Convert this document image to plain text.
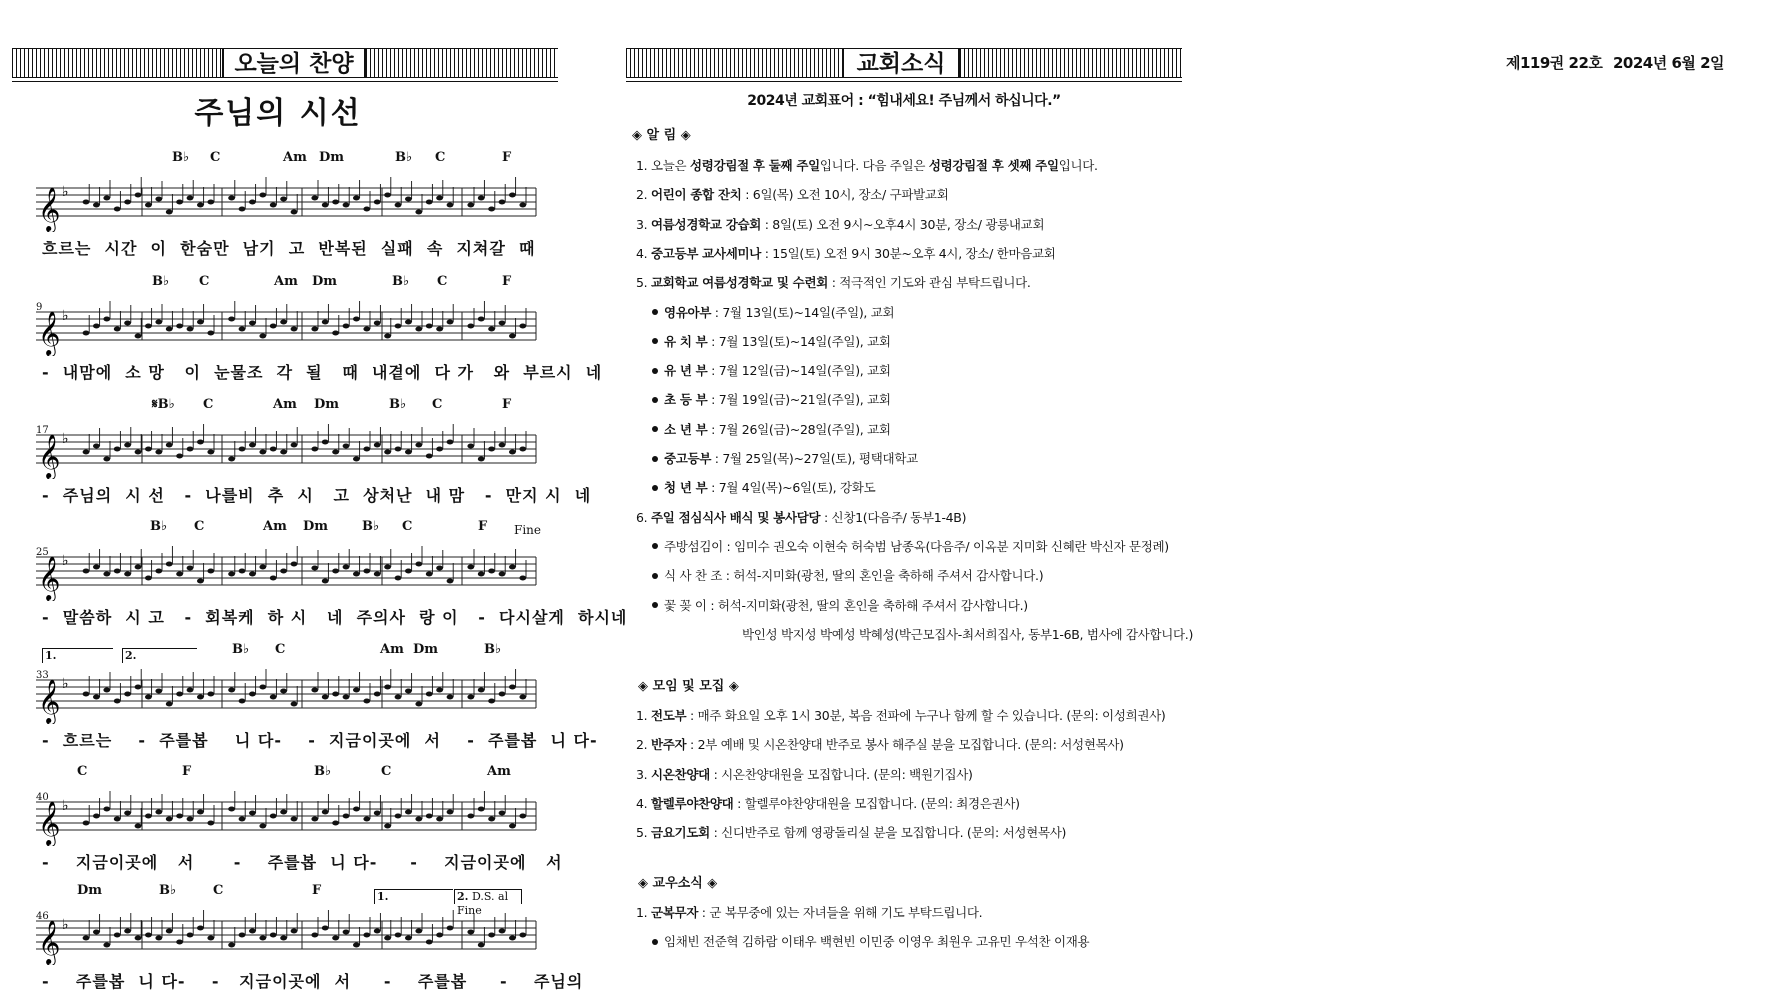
오늘의 찬양
주님의 시선
𝄞 ♭
B♭ C	Am Dm	B♭ C	F
흐르는  시간  이  한숨만  남기  고  반복된  실패  속  지쳐갈  때
𝄞 ♭
9
B♭ C	Am Dm	B♭ C	F
-  내맘에  소 망   이  눈물조  각  될   때  내곁에  다 가   와  부르시  네
𝄞 ♭
17
𝄋B♭ C	Am Dm	B♭ C	F
-  주님의  시 선   -  나를비  추  시   고  상처난  내 맘   -  만지 시  네
𝄞 ♭
25
B♭ C	Am Dm	B♭ C	F Fine
-  말씀하  시 고   -  회복케  하 시   네  주의사  랑 이   -  다시살게  하시네
𝄞 ♭
33
B♭ C	Am Dm	B♭
1.	2.
-  흐르는    -  주를봅    니 다-    -  지금이곳에  서    -  주를봅  니 다-
𝄞 ♭
40
C	F	B♭	C	Am
-    지금이곳에   서      -    주를봅  니 다-     -    지금이곳에   서
𝄞 ♭
46
Dm	B♭	C	F	1.	2. D.S. al Fine
-    주를봅  니 다-    -   지금이곳에  서     -    주를봅     -    주님의
교회소식
2024년 교회표어 : “힘내세요! 주님께서 하십니다.”
◈ 알 림 ◈
1. 오늘은 성령강림절 후 둘째 주일입니다. 다음 주일은 성령강림절 후 셋째 주일입니다.
2. 어린이 종합 잔치 : 6일(목) 오전 10시, 장소/ 구파발교회
3. 여름성경학교 강습회 : 8일(토) 오전 9시~오후4시 30분, 장소/ 광릉내교회
4. 중고등부 교사세미나 : 15일(토) 오전 9시 30분~오후 4시, 장소/ 한마음교회
5. 교회학교 여름성경학교 및 수련회 : 적극적인 기도와 관심 부탁드립니다.
영유아부 : 7월 13일(토)~14일(주일), 교회
유 치 부 : 7월 13일(토)~14일(주일), 교회
유 년 부 : 7월 12일(금)~14일(주일), 교회
초 등 부 : 7월 19일(금)~21일(주일), 교회
소 년 부 : 7월 26일(금)~28일(주일), 교회
중고등부 : 7월 25일(목)~27일(토), 평택대학교
청 년 부 : 7월 4일(목)~6일(토), 강화도
6. 주일 점심식사 배식 및 봉사담당 : 신창1(다음주/ 동부1-4B)
주방섬김이 : 임미수 권오숙 이현숙 허숙범 남종옥(다음주/ 이옥분 지미화 신혜란 박신자 문정례)
식 사 찬 조 : 허석-지미화(광천, 딸의 혼인을 축하해 주셔서 감사합니다.)
꽃 꽂 이 : 허석-지미화(광천, 딸의 혼인을 축하해 주셔서 감사합니다.)
박인성 박지성 박예성 박혜성(박근모집사-최서희집사, 동부1-6B, 범사에 감사합니다.)
◈ 모임 및 모집 ◈
1. 전도부 : 매주 화요일 오후 1시 30분, 복음 전파에 누구나 함께 할 수 있습니다. (문의: 이성희권사)
2. 반주자 : 2부 예배 및 시온찬양대 반주로 봉사 해주실 분을 모집합니다. (문의: 서성현목사)
3. 시온찬양대 : 시온찬양대원을 모집합니다. (문의: 백원기집사)
4. 할렐루야찬양대 : 할렐루야찬양대원을 모집합니다. (문의: 최경은권사)
5. 금요기도회 : 신디반주로 함께 영광돌리실 분을 모집합니다. (문의: 서성현목사)
◈ 교우소식 ◈
1. 군복무자 : 군 복무중에 있는 자녀들을 위해 기도 부탁드립니다.
임채빈 전준혁 김하람 이태우 백현빈 이민중 이영우 최원우 고유민 우석찬 이재용
제119권 22호 2024년 6월 2일
